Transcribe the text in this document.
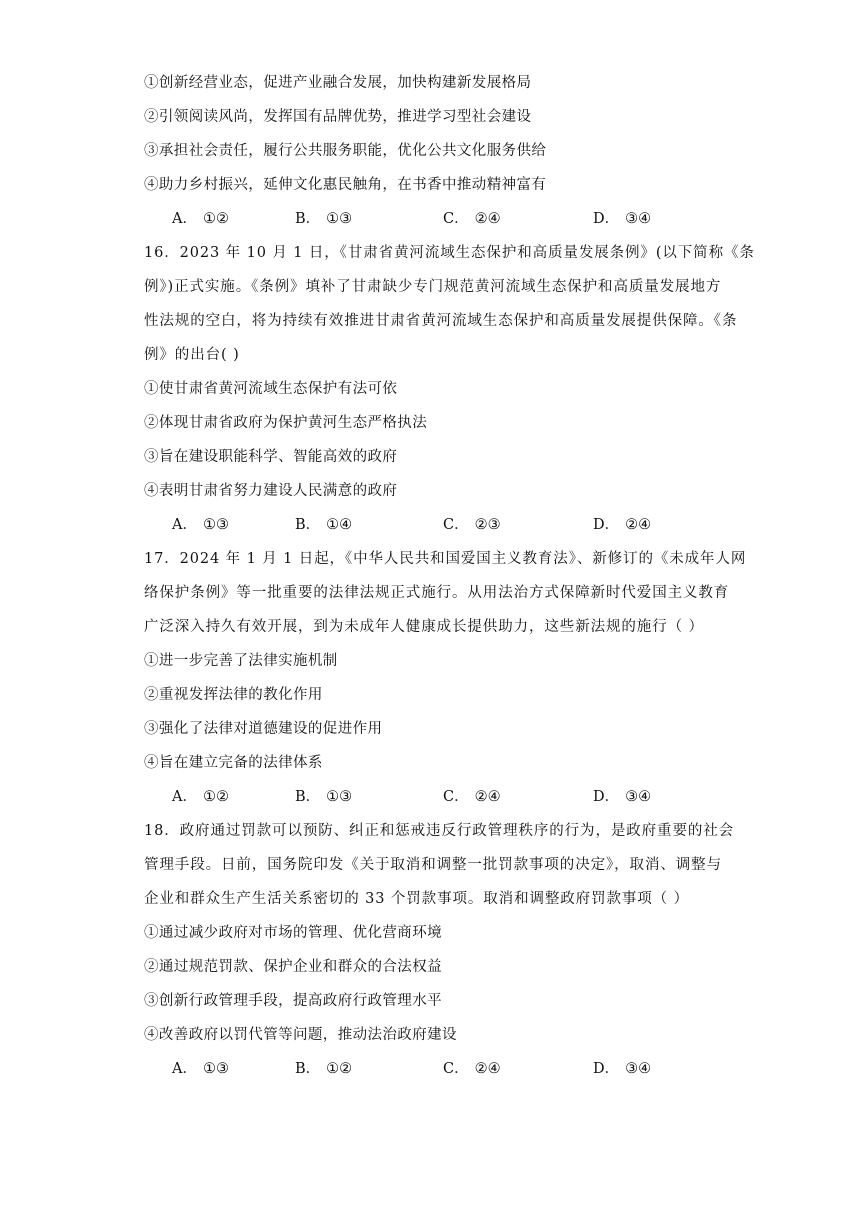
①创新经营业态，促进产业融合发展，加快构建新发展格局
②引领阅读风尚，发挥国有品牌优势，推进学习型社会建设
③承担社会责任，履行公共服务职能，优化公共文化服务供给
④助力乡村振兴，延伸文化惠民触角，在书香中推动精神富有
A． ①②	B． ①③	C． ②④	D． ③④
16．2023 年 10 月 1 日，《甘肃省黄河流域生态保护和高质量发展条例》(以下简称《条
例》)正式实施。《条例》填补了甘肃缺少专门规范黄河流域生态保护和高质量发展地方
性法规的空白，将为持续有效推进甘肃省黄河流域生态保护和高质量发展提供保障。《条
例》的出台( )
①使甘肃省黄河流域生态保护有法可依
②体现甘肃省政府为保护黄河生态严格执法
③旨在建设职能科学、智能高效的政府
④表明甘肃省努力建设人民满意的政府
A． ①③	B． ①④	C． ②③	D． ②④
17．2024 年 1 月 1 日起，《中华人民共和国爱国主义教育法》、新修订的《未成年人网
络保护条例》等一批重要的法律法规正式施行。从用法治方式保障新时代爱国主义教育
广泛深入持久有效开展，到为未成年人健康成长提供助力，这些新法规的施行（ ）
①进一步完善了法律实施机制
②重视发挥法律的教化作用
③强化了法律对道德建设的促进作用
④旨在建立完备的法律体系
A． ①②	B． ①③	C． ②④	D． ③④
18．政府通过罚款可以预防、纠正和惩戒违反行政管理秩序的行为，是政府重要的社会
管理手段。日前，国务院印发《关于取消和调整一批罚款事项的决定》，取消、调整与
企业和群众生产生活关系密切的 33 个罚款事项。取消和调整政府罚款事项（ ）
①通过减少政府对市场的管理、优化营商环境
②通过规范罚款、保护企业和群众的合法权益
③创新行政管理手段，提高政府行政管理水平
④改善政府以罚代管等问题，推动法治政府建设
A． ①③	B． ①②	C． ②④	D． ③④
